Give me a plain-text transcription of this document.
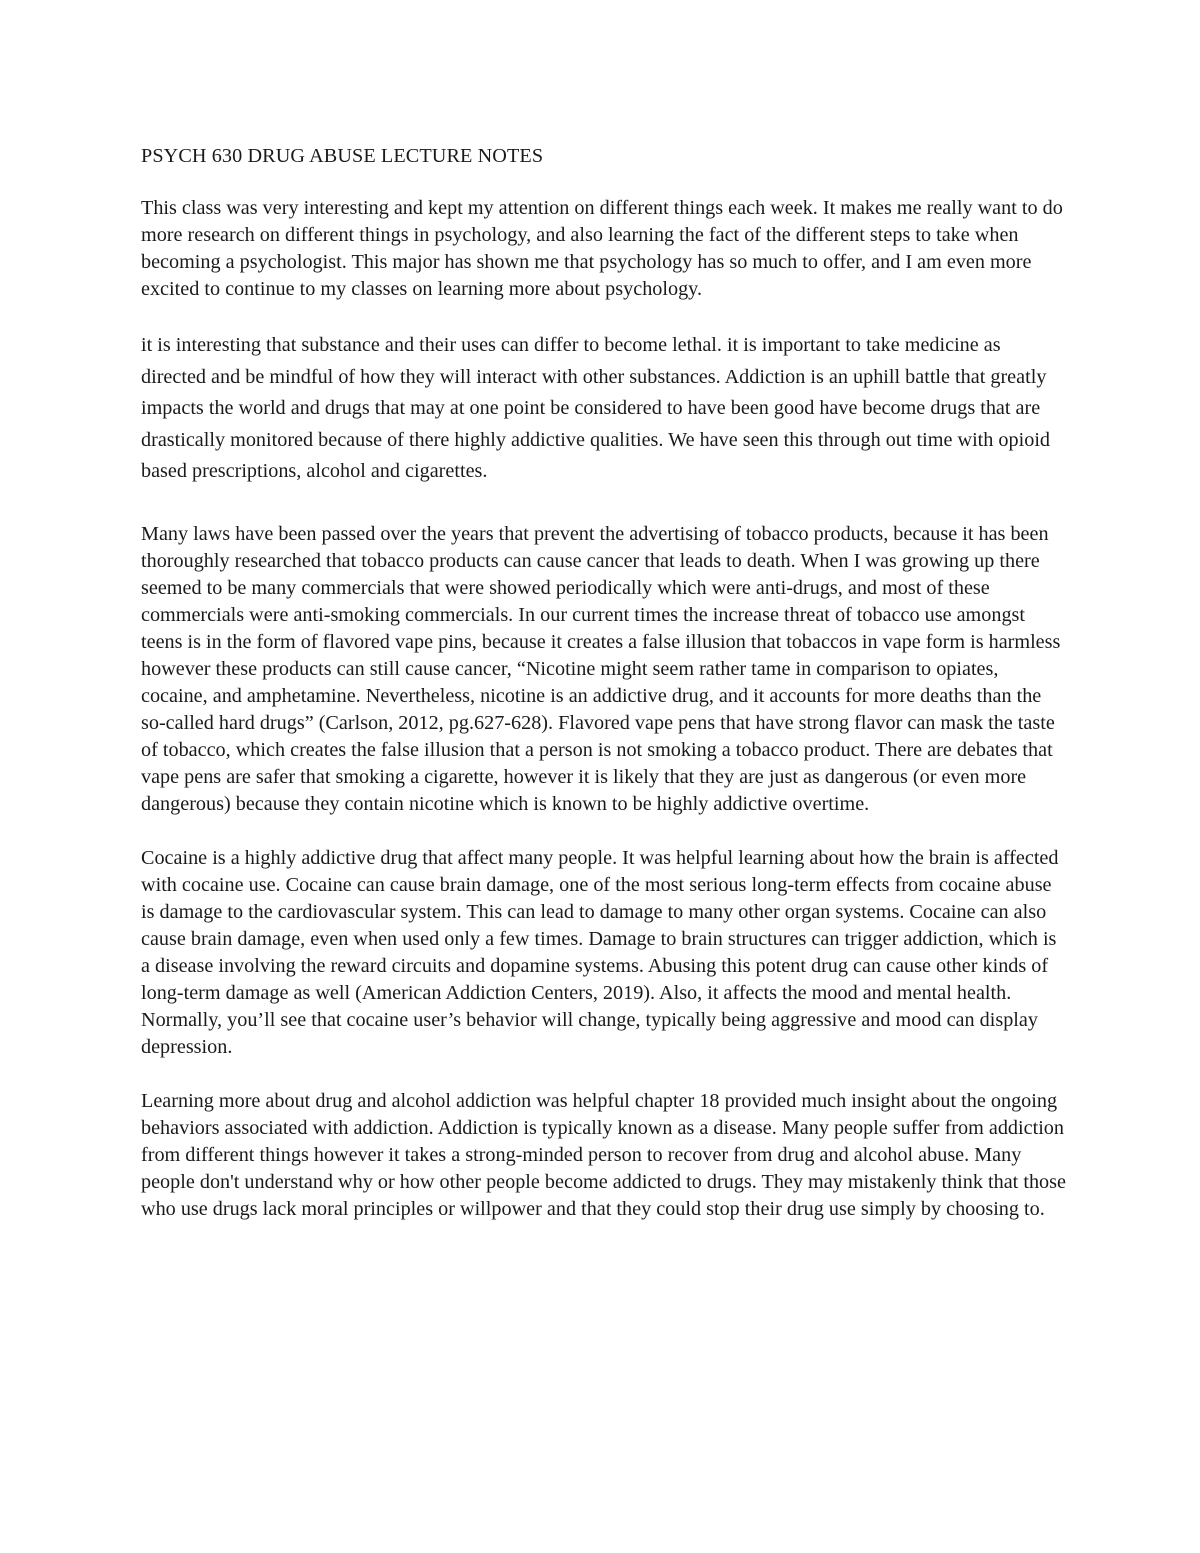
PSYCH 630 DRUG ABUSE LECTURE NOTES

This class was very interesting and kept my attention on different things each week. It makes me really want to do more research on different things in psychology, and also learning the fact of the different steps to take when becoming a psychologist. This major has shown me that psychology has so much to offer, and I am even more excited to continue to my classes on learning more about psychology.

it is interesting that substance and their uses can differ to become lethal. it is important to take medicine as directed and be mindful of how they will interact with other substances. Addiction is an uphill battle that greatly impacts the world and drugs that may at one point be considered to have been good have become drugs that are drastically monitored because of there highly addictive qualities. We have seen this through out time with opioid based prescriptions, alcohol and cigarettes.

Many laws have been passed over the years that prevent the advertising of tobacco products, because it has been thoroughly researched that tobacco products can cause cancer that leads to death. When I was growing up there seemed to be many commercials that were showed periodically which were anti-drugs, and most of these commercials were anti-smoking commercials. In our current times the increase threat of tobacco use amongst teens is in the form of flavored vape pins, because it creates a false illusion that tobaccos in vape form is harmless however these products can still cause cancer, “Nicotine might seem rather tame in comparison to opiates, cocaine, and amphetamine. Nevertheless, nicotine is an addictive drug, and it accounts for more deaths than the so-called hard drugs” (Carlson, 2012, pg.627-628). Flavored vape pens that have strong flavor can mask the taste of tobacco, which creates the false illusion that a person is not smoking a tobacco product. There are debates that vape pens are safer that smoking a cigarette, however it is likely that they are just as dangerous (or even more dangerous) because they contain nicotine which is known to be highly addictive overtime.

Cocaine is a highly addictive drug that affect many people. It was helpful learning about how the brain is affected with cocaine use. Cocaine can cause brain damage, one of the most serious long-term effects from cocaine abuse is damage to the cardiovascular system. This can lead to damage to many other organ systems. Cocaine can also cause brain damage, even when used only a few times. Damage to brain structures can trigger addiction, which is a disease involving the reward circuits and dopamine systems. Abusing this potent drug can cause other kinds of long-term damage as well (American Addiction Centers, 2019). Also, it affects the mood and mental health. Normally, you’ll see that cocaine user’s behavior will change, typically being aggressive and mood can display depression.

Learning more about drug and alcohol addiction was helpful chapter 18 provided much insight about the ongoing behaviors associated with addiction. Addiction is typically known as a disease. Many people suffer from addiction from different things however it takes a strong-minded person to recover from drug and alcohol abuse. Many people don't understand why or how other people become addicted to drugs. They may mistakenly think that those who use drugs lack moral principles or willpower and that they could stop their drug use simply by choosing to.
